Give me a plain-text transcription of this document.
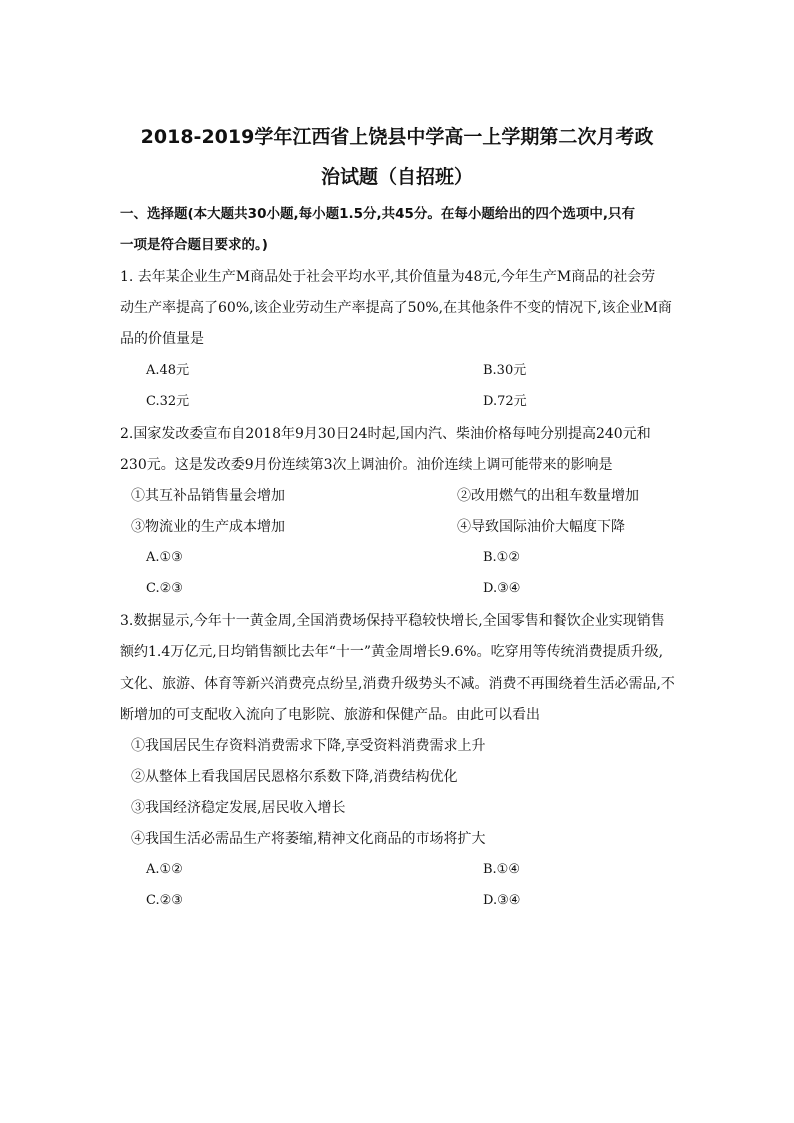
2018-2019学年江西省上饶县中学高一上学期第二次月考政
治试题（自招班）
一、选择题(本大题共30小题,每小题1.5分,共45分。在每小题给出的四个选项中,只有
一项是符合题目要求的。)
1. 去年某企业生产M商品处于社会平均水平,其价值量为48元,今年生产M商品的社会劳
动生产率提高了60%,该企业劳动生产率提高了50%,在其他条件不变的情况下,该企业M商
品的价值量是
A.48元	B.30元
C.32元	D.72元
2.国家发改委宣布自2018年9月30日24时起,国内汽、柴油价格每吨分别提高240元和
230元。这是发改委9月份连续第3次上调油价。油价连续上调可能带来的影响是
①其互补品销售量会增加	②改用燃气的出租车数量增加
③物流业的生产成本增加	④导致国际油价大幅度下降
A.①③	B.①②
C.②③	D.③④
3.数据显示,今年十一黄金周,全国消费场保持平稳较快增长,全国零售和餐饮企业实现销售
额约1.4万亿元,日均销售额比去年“十一”黄金周增长9.6%。吃穿用等传统消费提质升级,
文化、旅游、体育等新兴消费亮点纷呈,消费升级势头不减。消费不再围绕着生活必需品,不
断增加的可支配收入流向了电影院、旅游和保健产品。由此可以看出
①我国居民生存资料消费需求下降,享受资料消费需求上升
②从整体上看我国居民恩格尔系数下降,消费结构优化
③我国经济稳定发展,居民收入增长
④我国生活必需品生产将萎缩,精神文化商品的市场将扩大
A.①②	B.①④
C.②③	D.③④
